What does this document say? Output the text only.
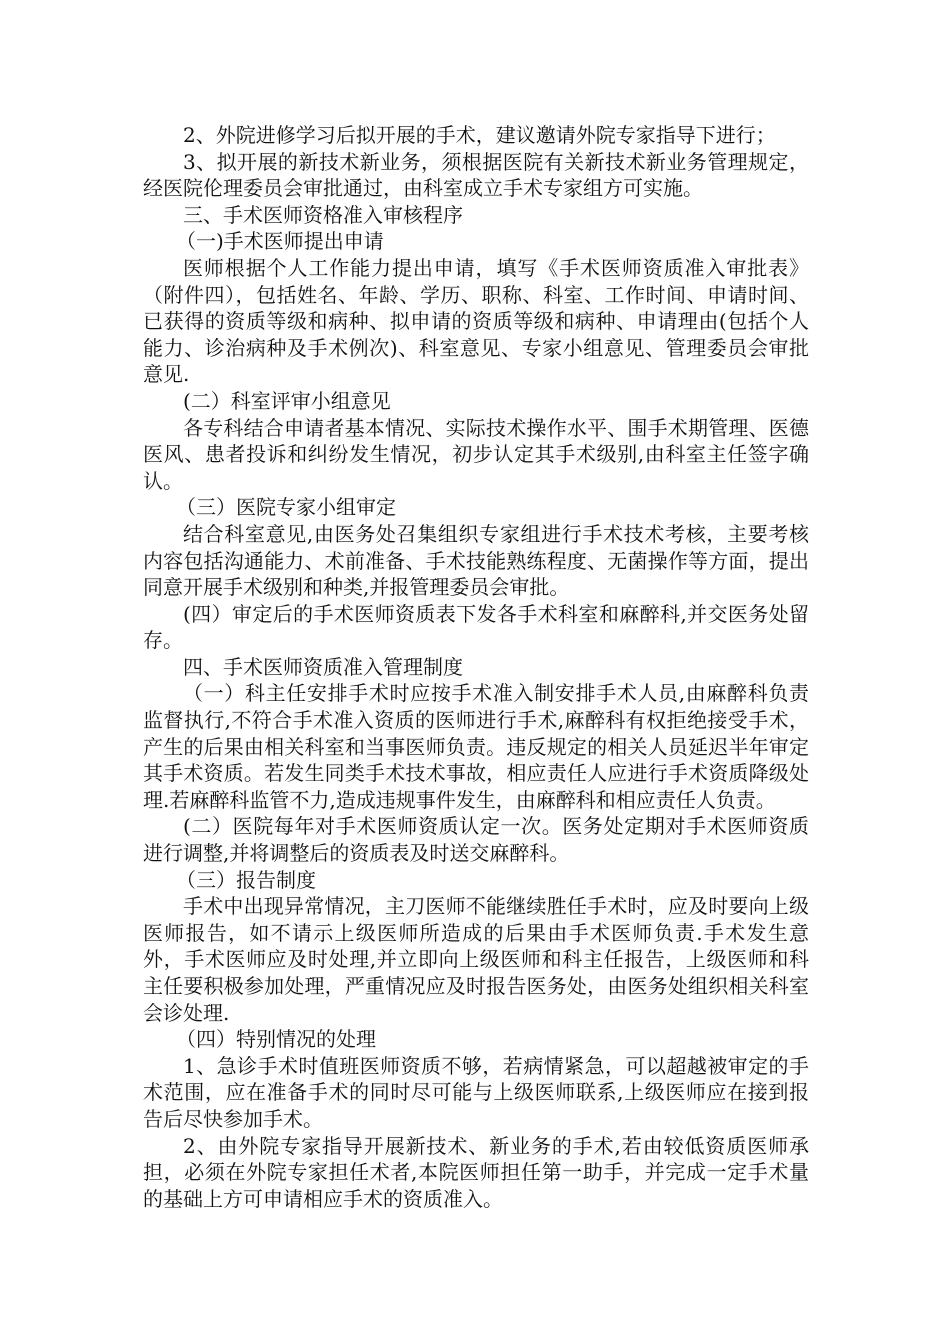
2、外院进修学习后拟开展的手术，建议邀请外院专家指导下进行；

3、拟开展的新技术新业务，须根据医院有关新技术新业务管理规定，经医院伦理委员会审批通过，由科室成立手术专家组方可实施。

三、手术医师资格准入审核程序

（一)手术医师提出申请

医师根据个人工作能力提出申请，填写《手术医师资质准入审批表》（附件四），包括姓名、年龄、学历、职称、科室、工作时间、申请时间、已获得的资质等级和病种、拟申请的资质等级和病种、申请理由(包括个人能力、诊治病种及手术例次)、科室意见、专家小组意见、管理委员会审批意见.

(二）科室评审小组意见

各专科结合申请者基本情况、实际技术操作水平、围手术期管理、医德医风、患者投诉和纠纷发生情况，初步认定其手术级别,由科室主任签字确认。

（三）医院专家小组审定

结合科室意见,由医务处召集组织专家组进行手术技术考核，主要考核内容包括沟通能力、术前准备、手术技能熟练程度、无菌操作等方面，提出同意开展手术级别和种类,并报管理委员会审批。

(四）审定后的手术医师资质表下发各手术科室和麻醉科,并交医务处留存。

四、手术医师资质准入管理制度

（一）科主任安排手术时应按手术准入制安排手术人员,由麻醉科负责监督执行,不符合手术准入资质的医师进行手术,麻醉科有权拒绝接受手术，产生的后果由相关科室和当事医师负责。违反规定的相关人员延迟半年审定其手术资质。若发生同类手术技术事故，相应责任人应进行手术资质降级处理.若麻醉科监管不力,造成违规事件发生，由麻醉科和相应责任人负责。

(二）医院每年对手术医师资质认定一次。医务处定期对手术医师资质进行调整,并将调整后的资质表及时送交麻醉科。

（三）报告制度

手术中出现异常情况，主刀医师不能继续胜任手术时，应及时要向上级医师报告，如不请示上级医师所造成的后果由手术医师负责.手术发生意外，手术医师应及时处理,并立即向上级医师和科主任报告，上级医师和科主任要积极参加处理，严重情况应及时报告医务处，由医务处组织相关科室会诊处理.

（四）特别情况的处理

1、急诊手术时值班医师资质不够，若病情紧急，可以超越被审定的手术范围，应在准备手术的同时尽可能与上级医师联系,上级医师应在接到报告后尽快参加手术。

2、由外院专家指导开展新技术、新业务的手术,若由较低资质医师承担，必须在外院专家担任术者,本院医师担任第一助手，并完成一定手术量的基础上方可申请相应手术的资质准入。
